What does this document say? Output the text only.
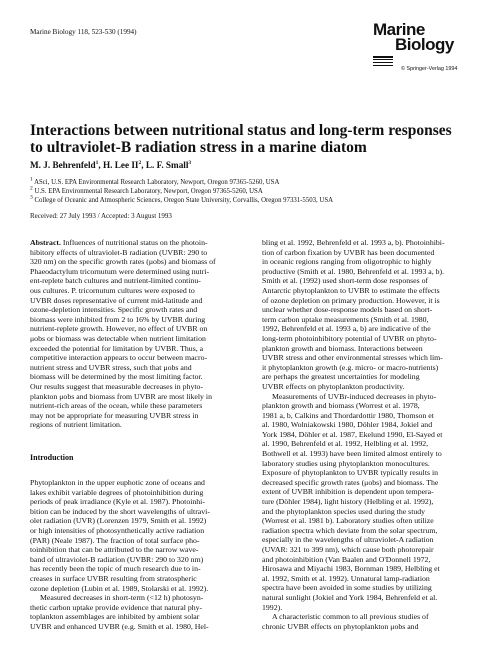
Marine Biology 118, 523-530 (1994)	Marine
Biology
© Springer-Verlag 1994
Interactions between nutritional status and long-term responses
to ultraviolet-B radiation stress in a marine diatom
M. J. Behrenfeld$^1$, H. Lee $II^2$, L. F. Small$^3$
$^1$ ASci, U.S. EPA Environmental Research Laboratory, Newport, Oregon 97365-5260, USA
$^2$ U.S. EPA Environmental Research Laboratory, Newport, Oregon 97365-5260, USA
$^3$ College of Oceanic and Atmospheric Sciences, Oregon State University, Corvallis, Oregon 97331-5503, USA
Received: 27 July 1993 / Accepted: 3 August 1993
Abstract. Influences of nutritional status on the photoin-
hibitory effects of ultraviolet-B radiation (UVBR: 290 to
320 nm) on the specific growth rates (μobs) and biomass of
Phaeodactylum tricornutum were determined using nutri-
ent-replete batch cultures and nutrient-limited continu-
ous cultures. P. tricornutum cultures were exposed to
UVBR doses representative of current mid-latitude and
ozone-depletion intensities. Specific growth rates and
biomass were inhibited from 2 to 16% by UVBR during
nutrient-replete growth. However, no effect of UVBR on
μobs or biomass was detectable when nutrient limitation
exceeded the potential for limitation by UVBR. Thus, a
competitive interaction appears to occur between macro-
nutrient stress and UVBR stress, such that μobs and
biomass will be determined by the most limiting factor.
Our results suggest that measurable decreases in phyto-
plankton μobs and biomass from UVBR are most likely in
nutrient-rich areas of the ocean, while these parameters
may not be appropriate for measuring UVBR stress in
regions of nutrient limitation.
Introduction
Phytoplankton in the upper euphotic zone of oceans and
lakes exhibit variable degrees of photoinhibition during
periods of peak irradiance (Kyle et al. 1987). Photoinhi-
bition can be induced by the short wavelengths of ultravi-
olet radiation (UVR) (Lorenzen 1979, Smith et al. 1992)
or high intensities of photosynthetically active radiation
(PAR) (Neale 1987). The fraction of total surface pho-
toinhibition that can be attributed to the narrow wave-
band of ultraviolet-B radiation (UVBR: 290 to 320 nm)
has recently been the topic of much research due to in-
creases in surface UVBR resulting from stratospheric
ozone depletion (Lubin et al. 1989, Stolarski et al. 1992).
Measured decreases in short-term (<12 h) photosyn-
thetic carbon uptake provide evidence that natural phy-
toplankton assemblages are inhibited by ambient solar
UVBR and enhanced UVBR (e.g. Smith et al. 1980, Hel-
bling et al. 1992, Behrenfeld et al. 1993 a, b). Photoinhibi-
tion of carbon fixation by UVBR has been documented
in oceanic regions ranging from oligotrophic to highly
productive (Smith et al. 1980, Behrenfeld et al. 1993 a, b).
Smith et al. (1992) used short-term dose responses of
Antarctic phytoplankton to UVBR to estimate the effects
of ozone depletion on primary production. However, it is
unclear whether dose-response models based on short-
term carbon uptake measurements (Smith et al. 1980,
1992, Behrenfeld et al. 1993 a, b) are indicative of the
long-term photoinhibitory potential of UVBR on phyto-
plankton growth and biomass. Interactions between
UVBR stress and other environmental stresses which lim-
it phytoplankton growth (e.g. micro- or macro-nutrients)
are perhaps the greatest uncertainties for modeling
UVBR effects on phytoplankton productivity.
Measurements of UVBr-induced decreases in phyto-
plankton growth and biomass (Worrest et al. 1978,
1981 a, b, Calkins and Thordardottir 1980, Thomson et
al. 1980, Wolniakowski 1980, Döhler 1984, Jokiel and
York 1984, Döhler et al. 1987, Ekelund 1990, El-Sayed et
al. 1990, Behrenfeld et al. 1992, Helbling et al. 1992,
Bothwell et al. 1993) have been limited almost entirely to
laboratory studies using phytoplankton monocultures.
Exposure of phytoplankton to UVBR typically results in
decreased specific growth rates (μobs) and biomass. The
extent of UVBR inhibition is dependent upon tempera-
ture (Döhler 1984), light history (Helbling et al. 1992),
and the phytoplankton species used during the study
(Worrest et al. 1981 b). Laboratory studies often utilize
radiation spectra which deviate from the solar spectrum,
especially in the wavelengths of ultraviolet-A radiation
(UVAR: 321 to 399 nm), which cause both photorepair
and photoinhibition (Van Baalen and O'Donnell 1972,
Hirosawa and Miyachi 1983, Bornman 1989, Helbling et
al. 1992, Smith et al. 1992). Unnatural lamp-radiation
spectra have been avoided in some studies by utilizing
natural sunlight (Jokiel and York 1984, Behrenfeld et al.
1992).
A characteristic common to all previous studies of
chronic UVBR effects on phytoplankton μobs and
